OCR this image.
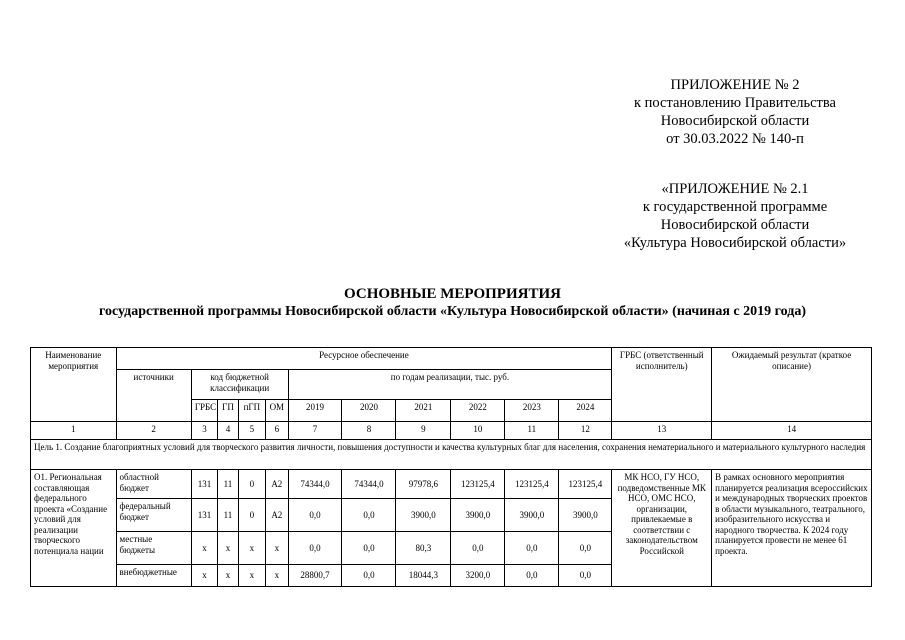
ПРИЛОЖЕНИЕ № 2
к постановлению Правительства
Новосибирской области
от 30.03.2022 № 140-п
«ПРИЛОЖЕНИЕ № 2.1
к государственной программе
Новосибирской области
«Культура Новосибирской области»
ОСНОВНЫЕ МЕРОПРИЯТИЯ
государственной программы Новосибирской области «Культура Новосибирской области» (начиная с 2019 года)
Наименование мероприятия	Ресурсное обеспечение											ГРБС (ответственный исполнитель)	Ожидаемый результат (краткое описание)
	источники	код бюджетной классификации				по годам реализации, тыс. руб.							
		ГРБС	ГП	пГП	ОМ	2019	2020	2021	2022	2023	2024		
1	2	3	4	5	6	7	8	9	10	11	12	13	14
Цель 1. Создание благоприятных условий для творческого развития личности, повышения доступности и качества культурных благ для населения, сохранения нематериального и материального культурного наследия													
О1. Региональная составляющая федерального проекта «Создание условий для реализации творческого потенциала нации	областной бюджет	131	11	0	А2	74344,0	74344,0	97978,6	123125,4	123125,4	123125,4	МК НСО, ГУ НСО, подведомственные МК НСО, ОМС НСО, организации, привлекаемые в соответствии с законодательством Российской	В рамках основного мероприятия планируется реализация всероссийских и международных творческих проектов в области музыкального, театрального, изобразительного искусства и народного творчества. К 2024 году планируется провести не менее 61 проекта.
	федеральный бюджет	131	11	0	А2	0,0	0,0	3900,0	3900,0	3900,0	3900,0		
	местные бюджеты	х	х	х	х	0,0	0,0	80,3	0,0	0,0	0,0		
	внебюджетные	х	х	х	х	28800,7	0,0	18044,3	3200,0	0,0	0,0		
